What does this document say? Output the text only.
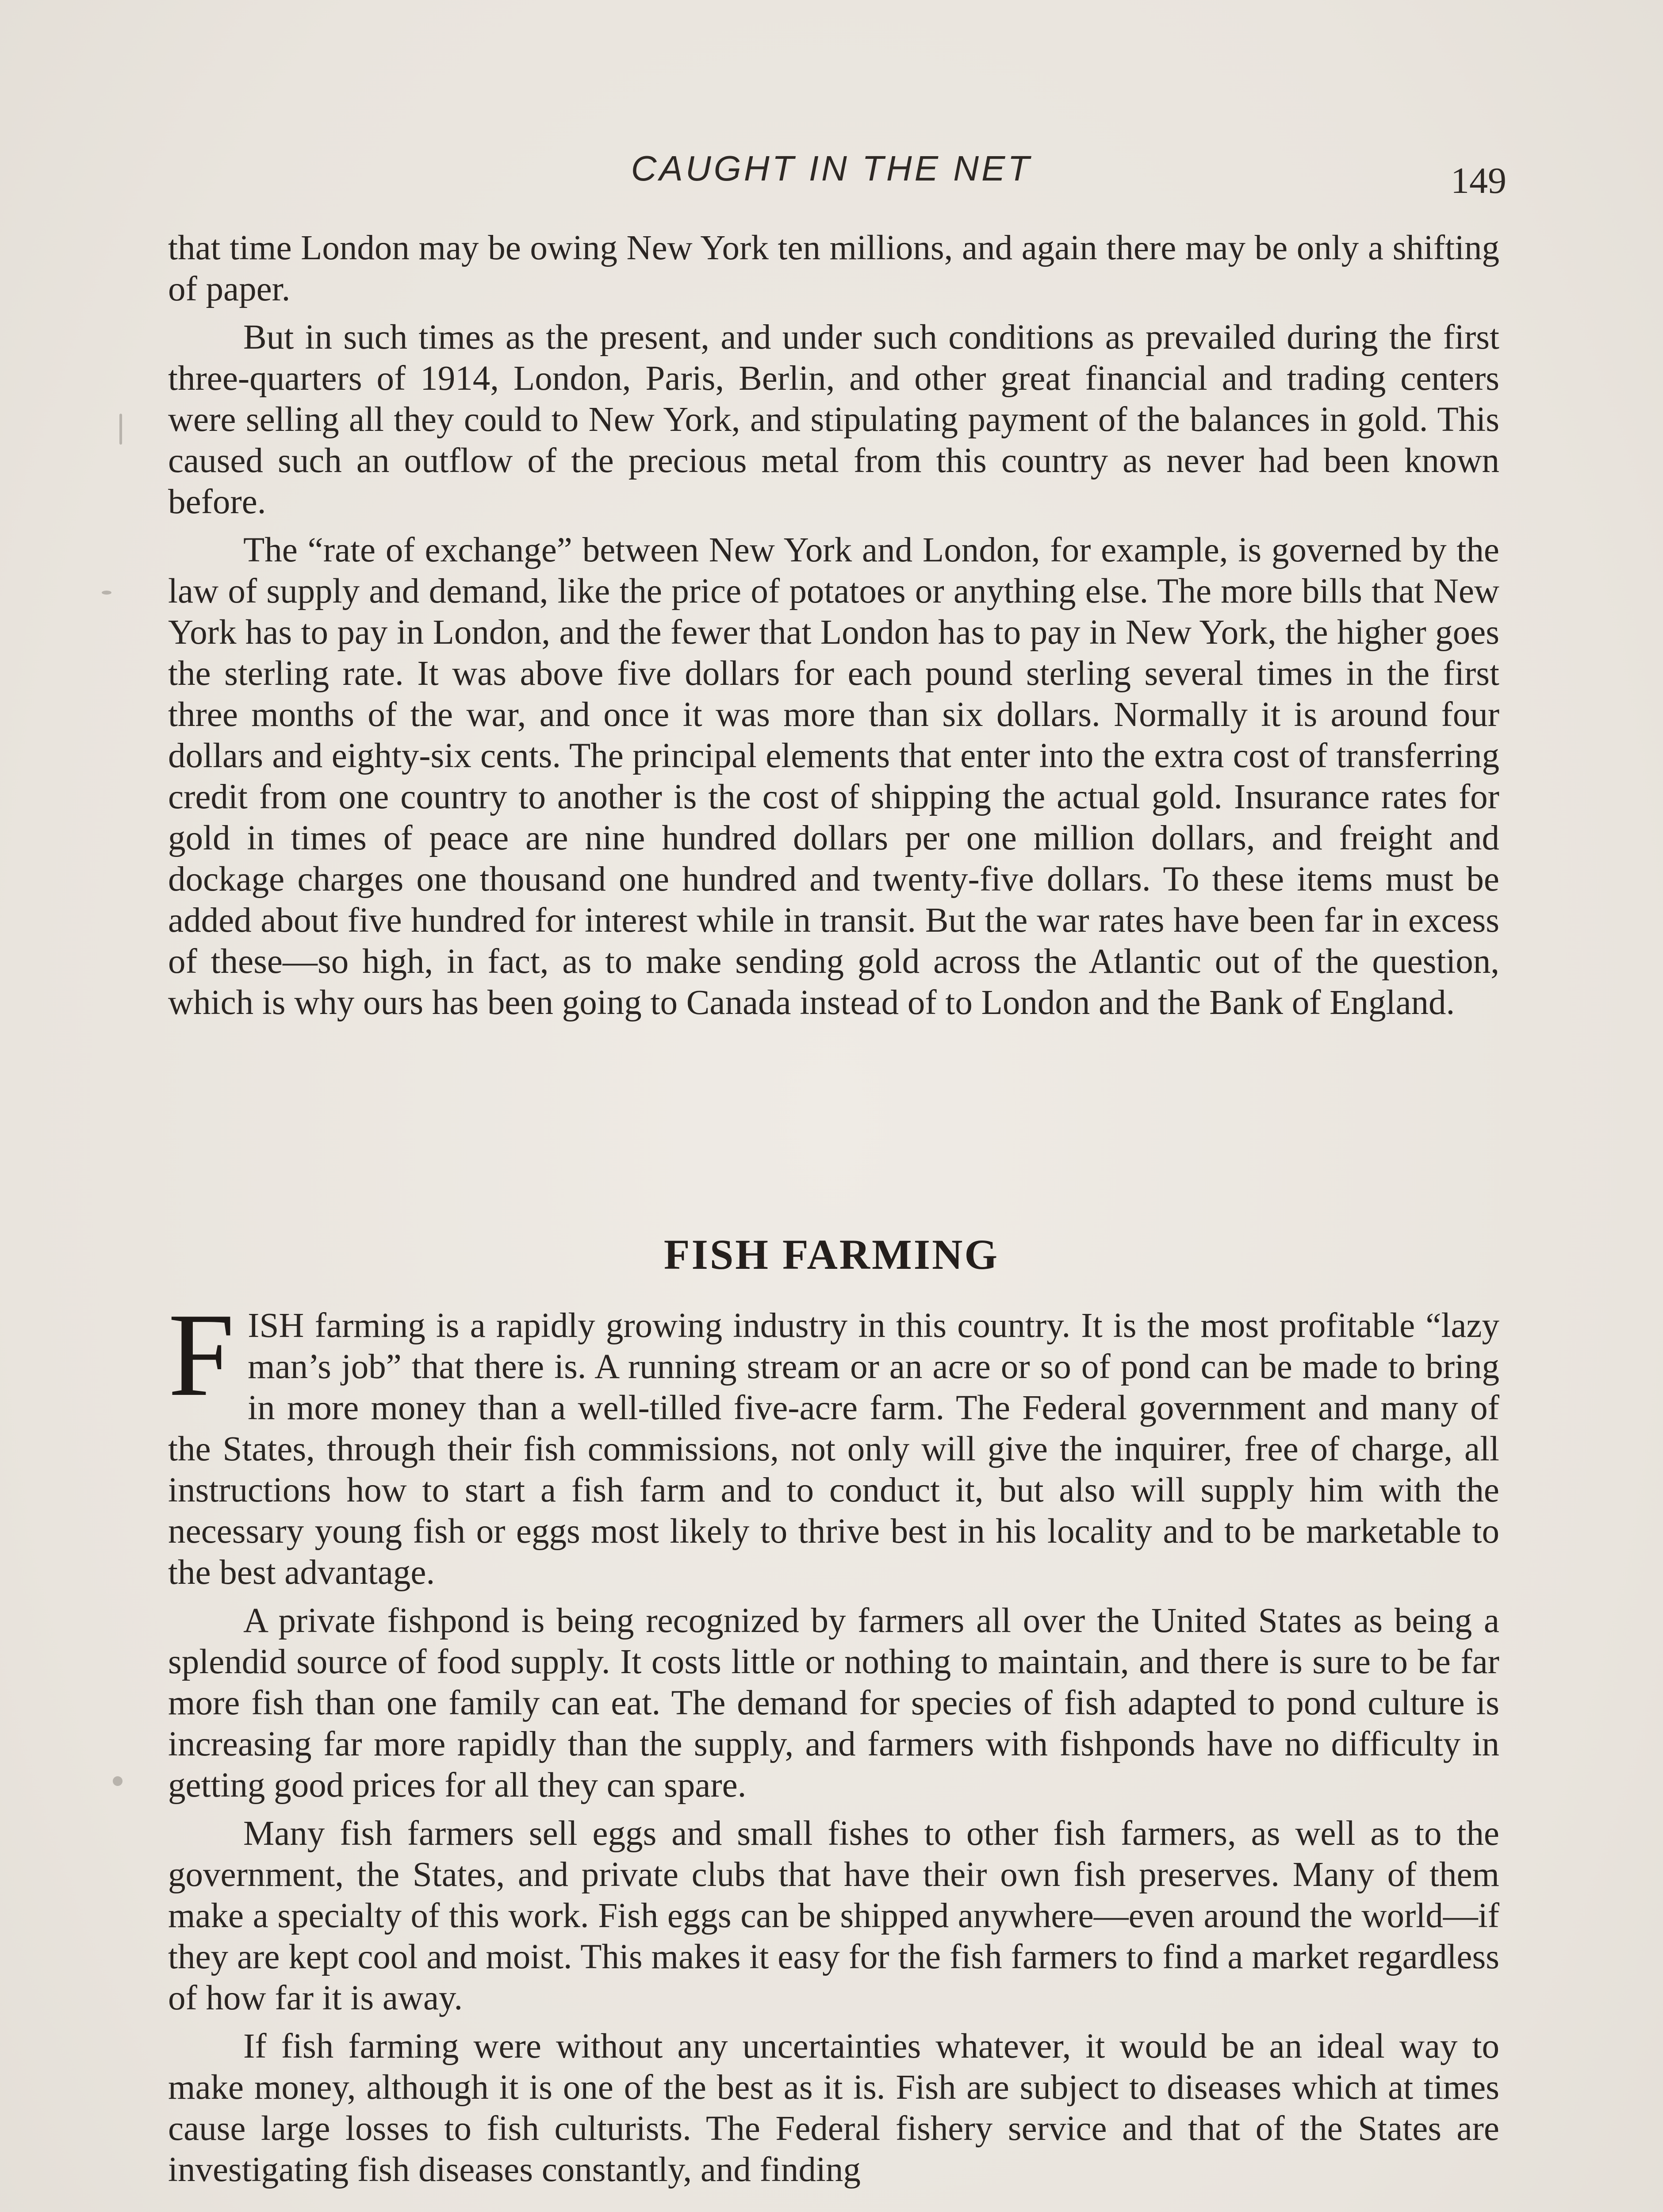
CAUGHT IN THE NET	149

that time London may be owing New York ten millions, and again there may be only a shifting of paper.

But in such times as the present, and under such conditions as prevailed during the first three-quarters of 1914, London, Paris, Berlin, and other great financial and trading centers were selling all they could to New York, and stipulating payment of the balances in gold. This caused such an outflow of the precious metal from this country as never had been known before.

The “rate of exchange” between New York and London, for example, is governed by the law of supply and demand, like the price of potatoes or anything else. The more bills that New York has to pay in London, and the fewer that London has to pay in New York, the higher goes the sterling rate. It was above five dollars for each pound sterling several times in the first three months of the war, and once it was more than six dollars. Normally it is around four dollars and eighty-six cents. The principal elements that enter into the extra cost of transferring credit from one country to another is the cost of shipping the actual gold. Insurance rates for gold in times of peace are nine hundred dollars per one million dollars, and freight and dockage charges one thousand one hundred and twenty-five dollars. To these items must be added about five hundred for interest while in transit. But the war rates have been far in excess of these—so high, in fact, as to make sending gold across the Atlantic out of the question, which is why ours has been going to Canada instead of to London and the Bank of England.

FISH FARMING

FISH farming is a rapidly growing industry in this country. It is the most profitable “lazy man’s job” that there is. A running stream or an acre or so of pond can be made to bring in more money than a well-tilled five-acre farm. The Federal government and many of the States, through their fish commissions, not only will give the inquirer, free of charge, all instructions how to start a fish farm and to conduct it, but also will supply him with the necessary young fish or eggs most likely to thrive best in his locality and to be marketable to the best advantage.

A private fishpond is being recognized by farmers all over the United States as being a splendid source of food supply. It costs little or nothing to maintain, and there is sure to be far more fish than one family can eat. The demand for species of fish adapted to pond culture is increasing far more rapidly than the supply, and farmers with fishponds have no difficulty in getting good prices for all they can spare.

Many fish farmers sell eggs and small fishes to other fish farmers, as well as to the government, the States, and private clubs that have their own fish preserves. Many of them make a specialty of this work. Fish eggs can be shipped anywhere—even around the world—if they are kept cool and moist. This makes it easy for the fish farmers to find a market regardless of how far it is away.

If fish farming were without any uncertainties whatever, it would be an ideal way to make money, although it is one of the best as it is. Fish are subject to diseases which at times cause large losses to fish culturists. The Federal fishery service and that of the States are investigating fish diseases constantly, and finding
